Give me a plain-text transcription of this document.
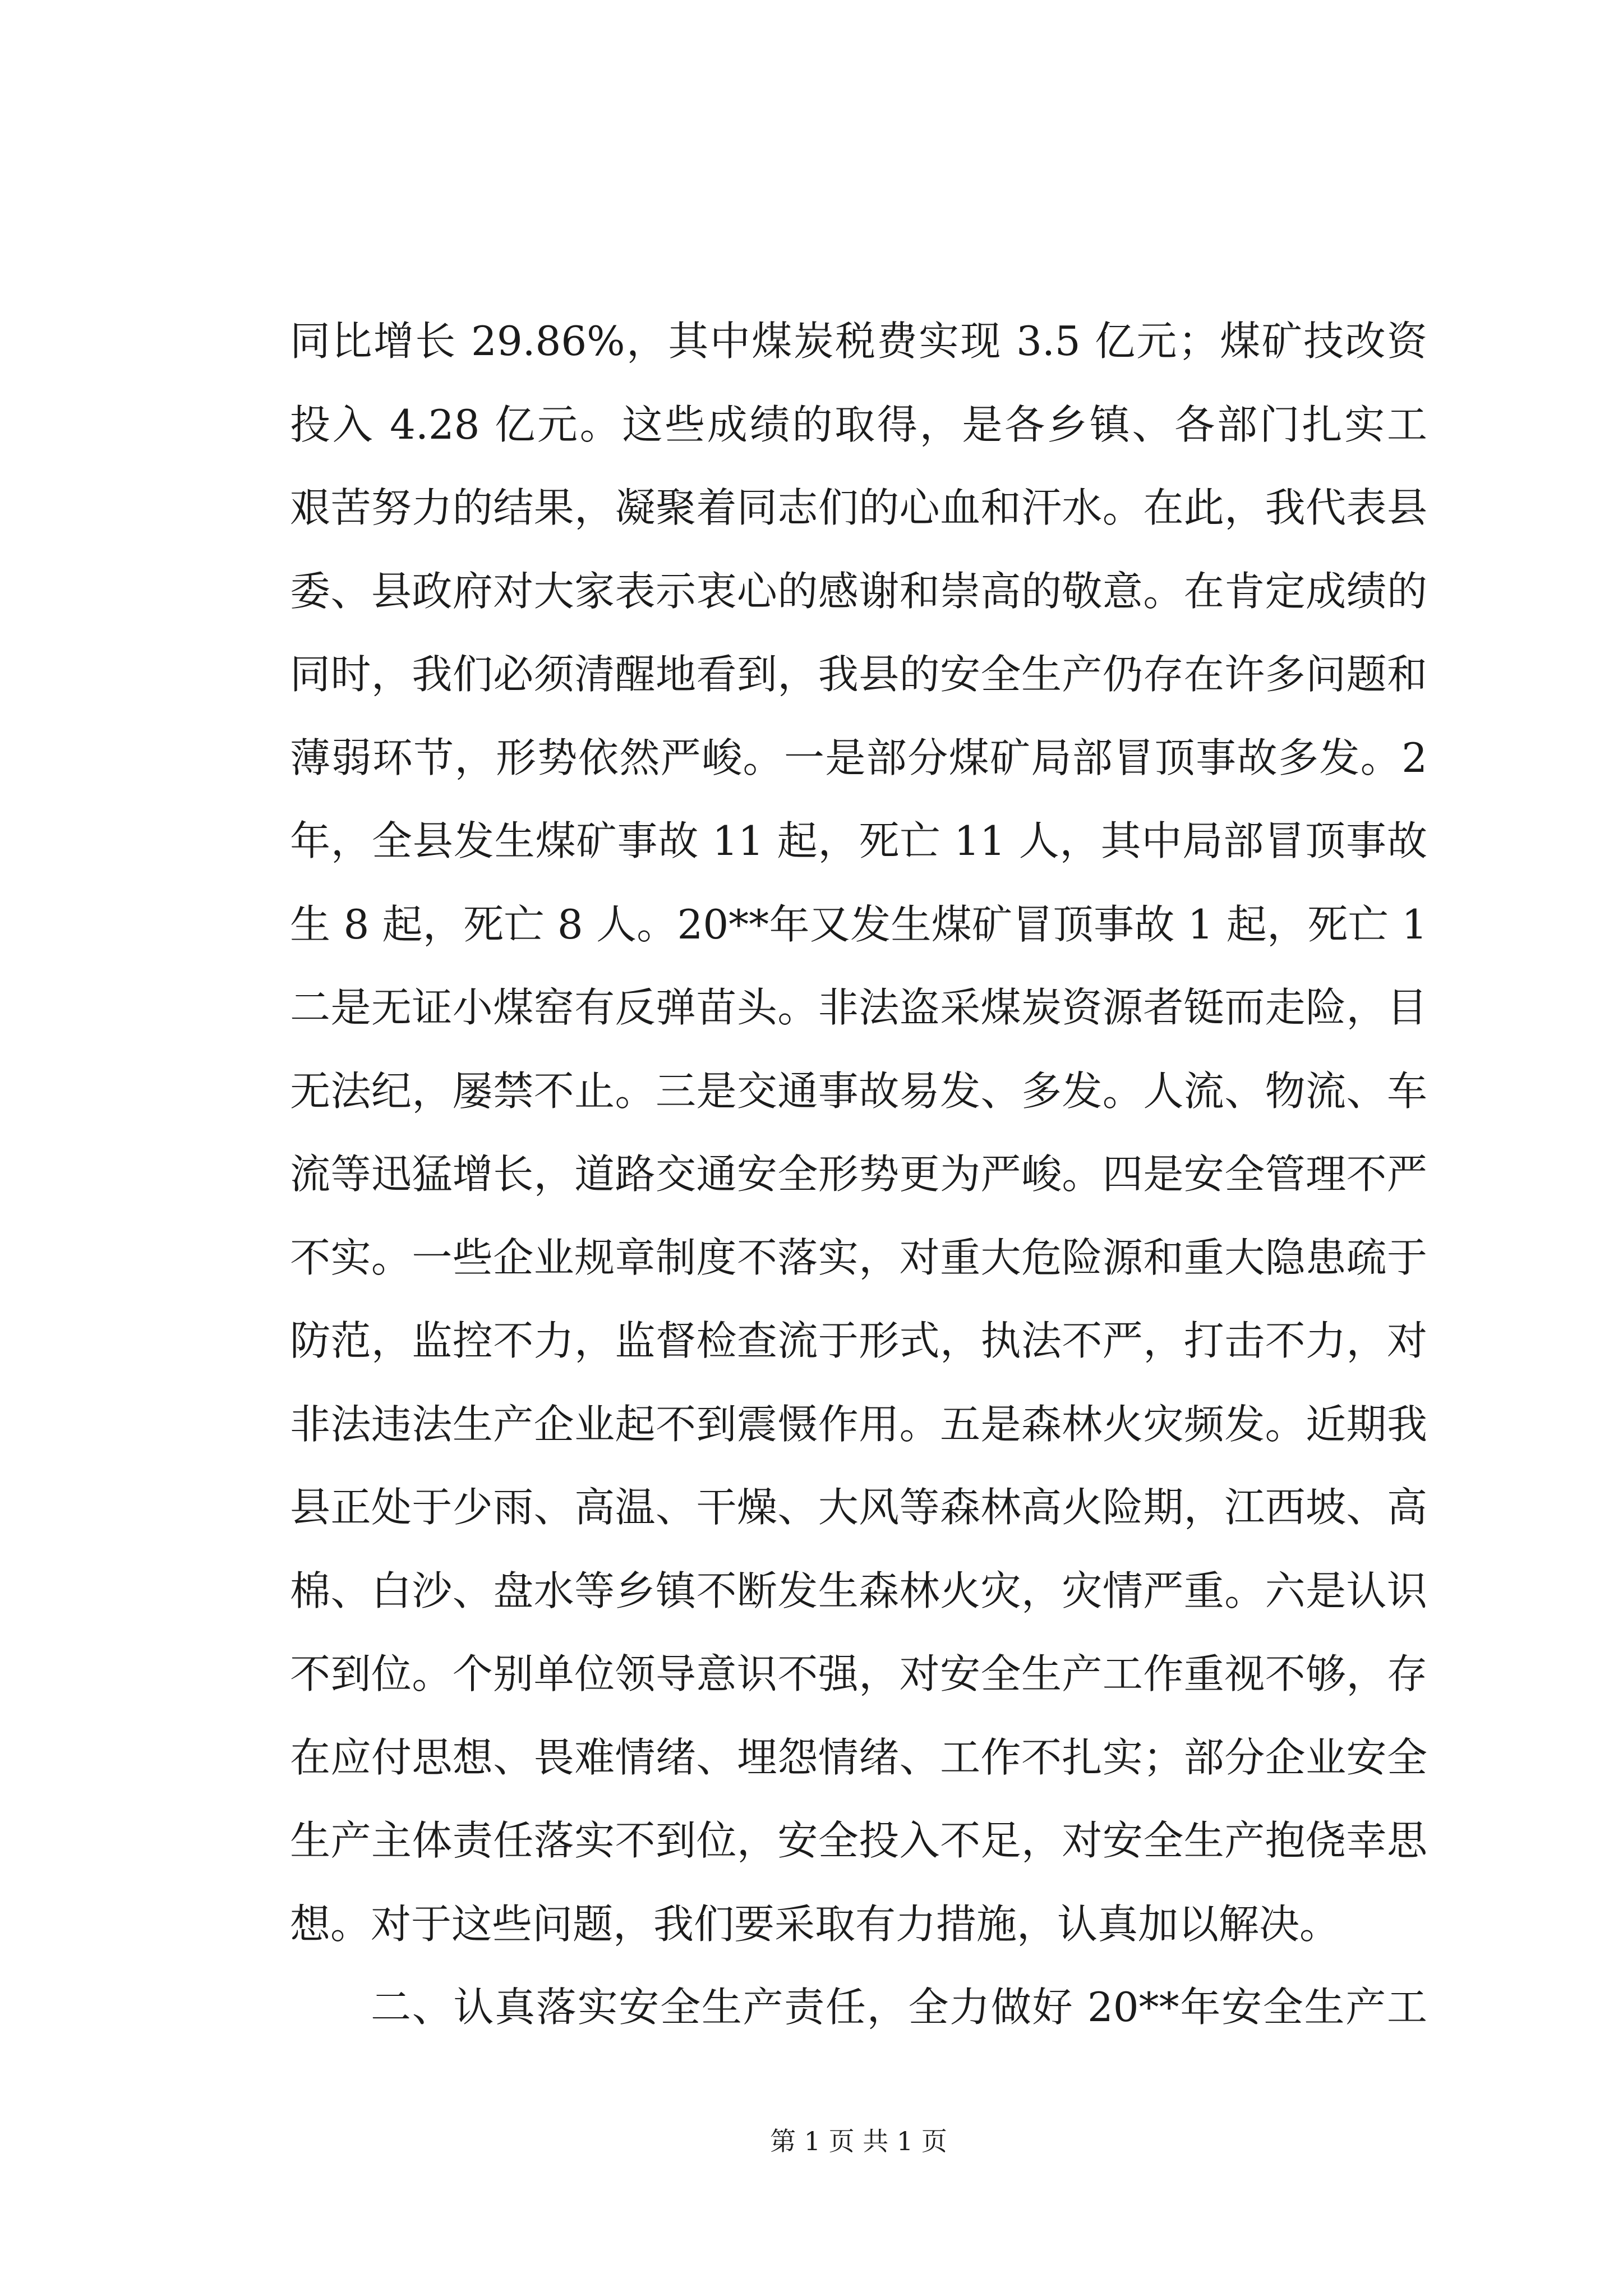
同比增长 29.86%，其中煤炭税费实现 3.5 亿元；煤矿技改资
投入 4.28 亿元。这些成绩的取得，是各乡镇、各部门扎实工
艰苦努力的结果，凝聚着同志们的心血和汗水。在此，我代表县
委、县政府对大家表示衷心的感谢和崇高的敬意。在肯定成绩的
同时，我们必须清醒地看到，我县的安全生产仍存在许多问题和
薄弱环节，形势依然严峻。一是部分煤矿局部冒顶事故多发。2
年，全县发生煤矿事故 11 起，死亡 11 人，其中局部冒顶事故
生 8 起，死亡 8 人。20**年又发生煤矿冒顶事故 1 起，死亡 1
二是无证小煤窑有反弹苗头。非法盗采煤炭资源者铤而走险，目
无法纪，屡禁不止。三是交通事故易发、多发。人流、物流、车
流等迅猛增长，道路交通安全形势更为严峻。四是安全管理不严
不实。一些企业规章制度不落实，对重大危险源和重大隐患疏于
防范，监控不力，监督检查流于形式，执法不严，打击不力，对
非法违法生产企业起不到震慑作用。五是森林火灾频发。近期我
县正处于少雨、高温、干燥、大风等森林高火险期，江西坡、高
棉、白沙、盘水等乡镇不断发生森林火灾，灾情严重。六是认识
不到位。个别单位领导意识不强，对安全生产工作重视不够，存
在应付思想、畏难情绪、埋怨情绪、工作不扎实；部分企业安全
生产主体责任落实不到位，安全投入不足，对安全生产抱侥幸思
想。对于这些问题，我们要采取有力措施，认真加以解决。
二、认真落实安全生产责任，全力做好 20**年安全生产工
第 1 页 共 1 页
